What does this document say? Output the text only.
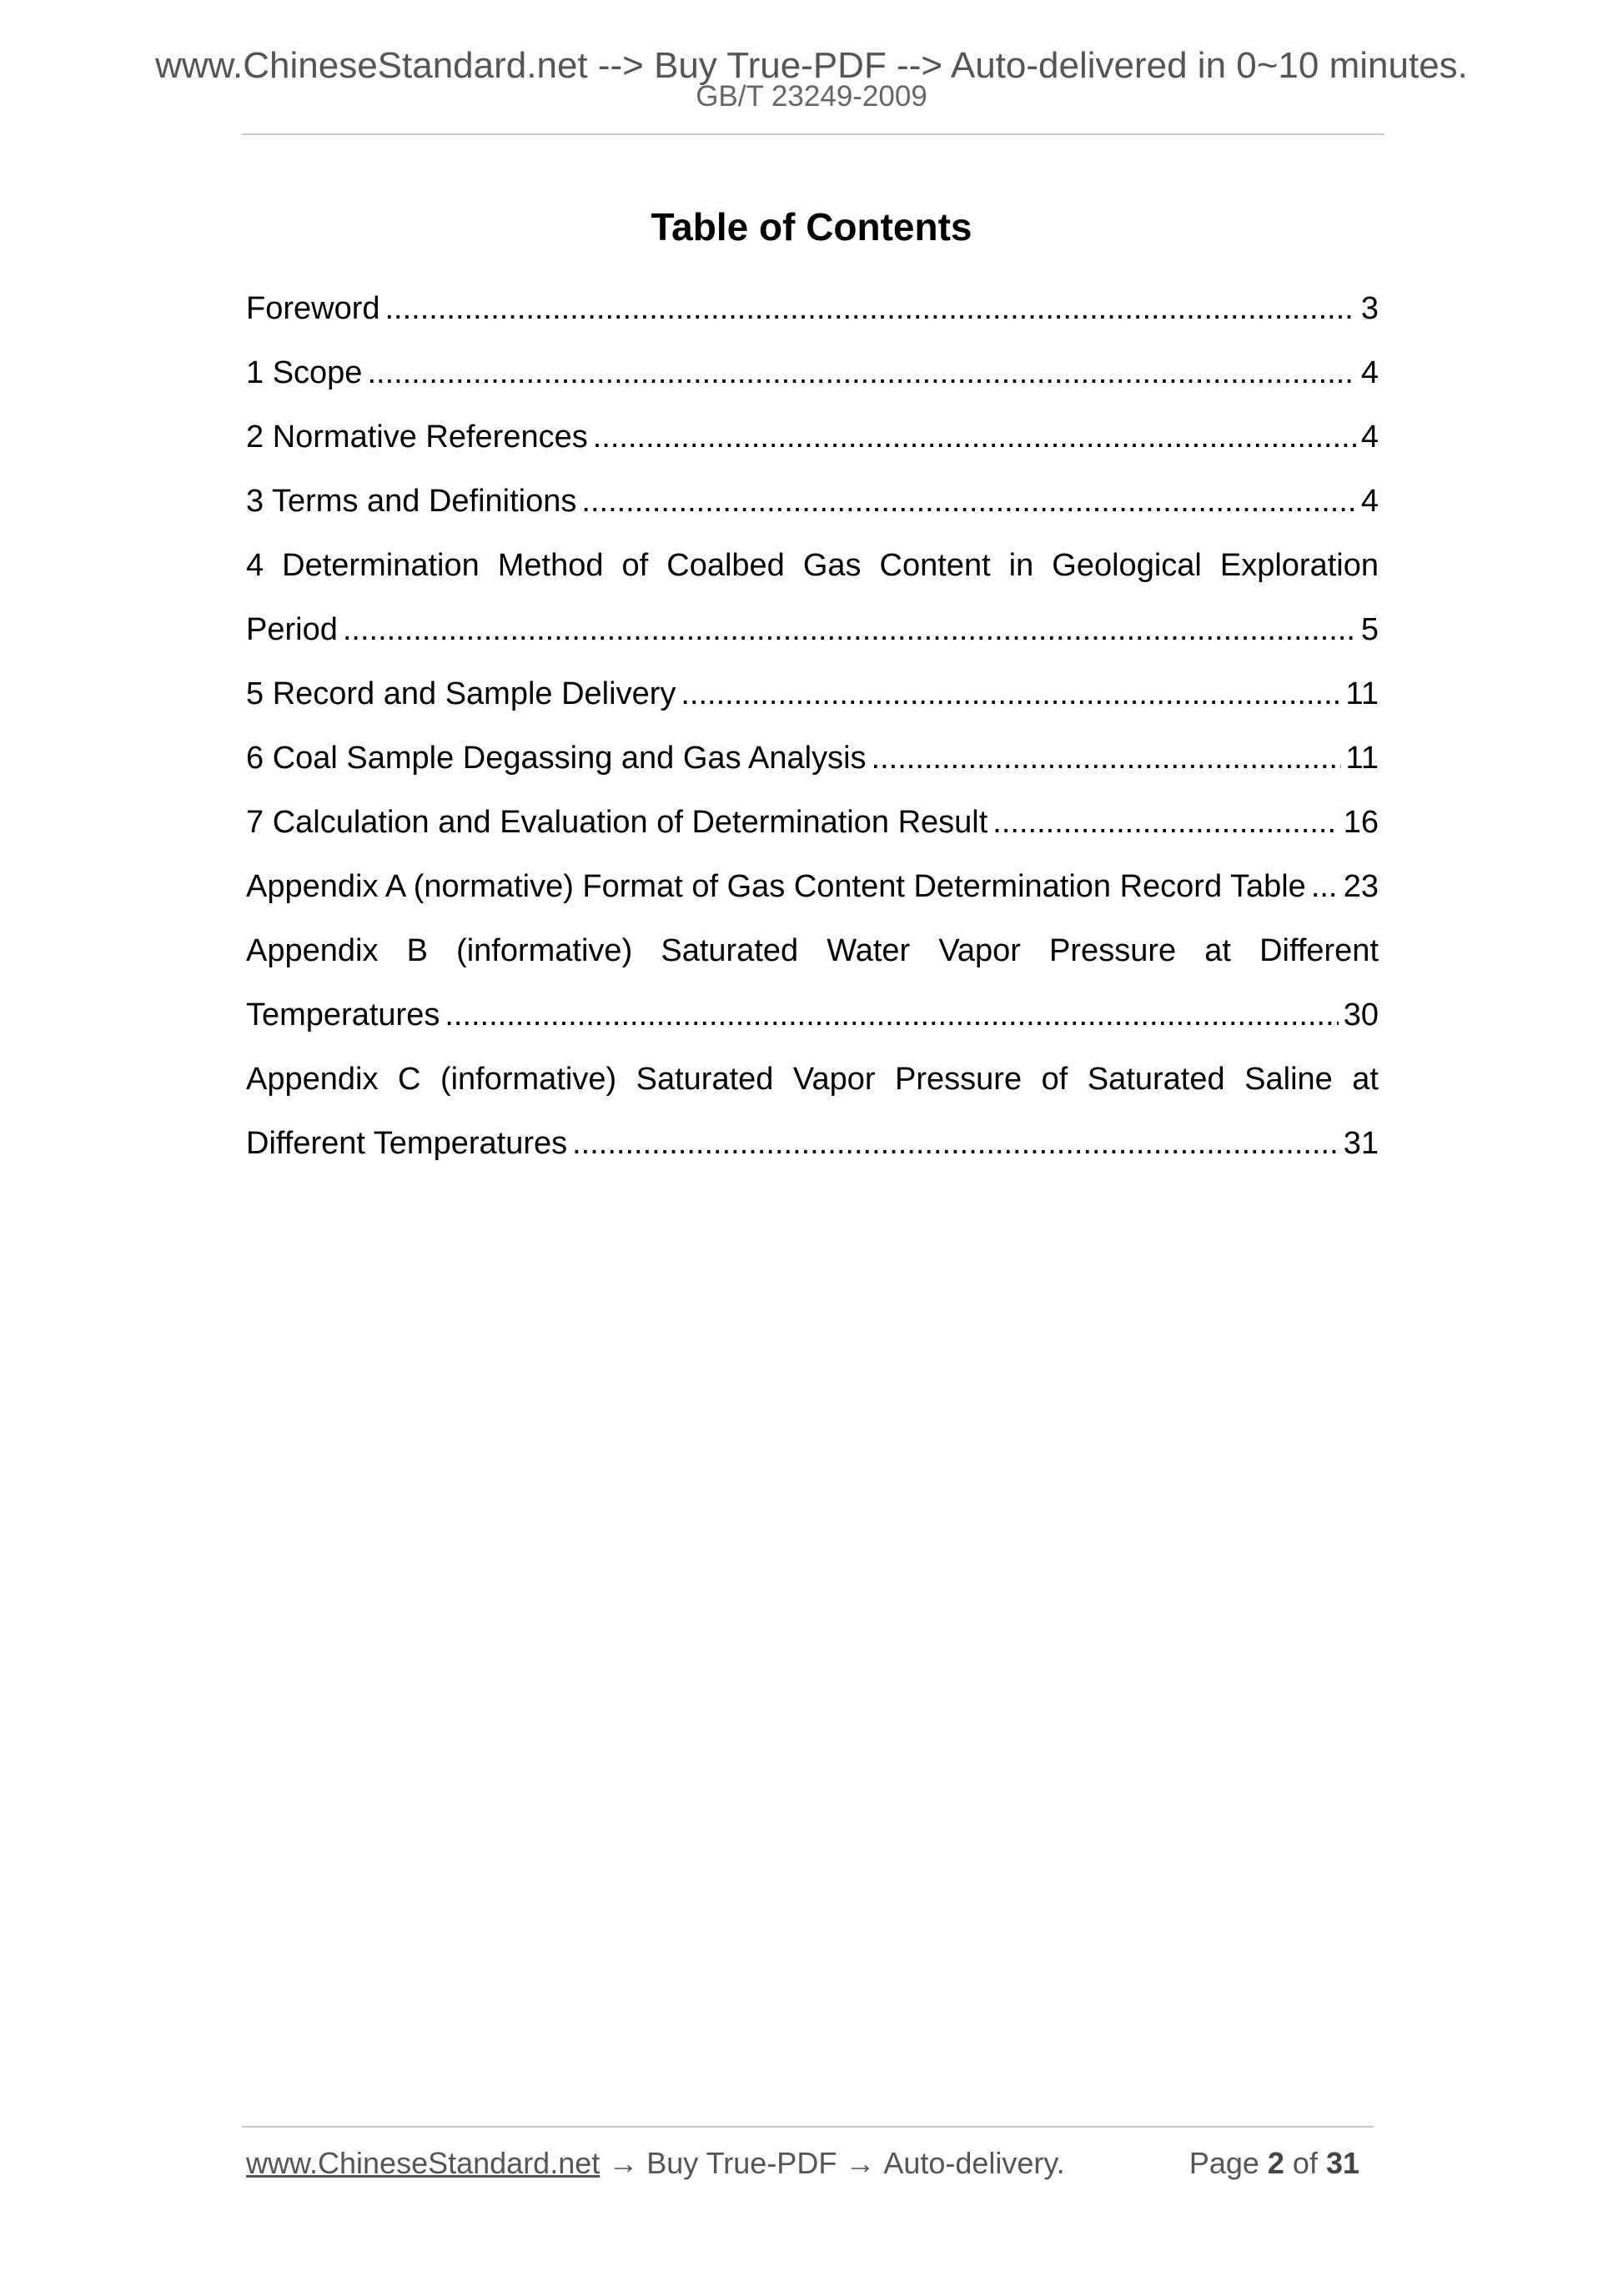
www.ChineseStandard.net --> Buy True-PDF --> Auto-delivered in 0~10 minutes.
GB/T 23249-2009
Table of Contents
Foreword .....	3
1 Scope .....	4
2 Normative References .....	4
3 Terms and Definitions .....	4
4 Determination Method of Coalbed Gas Content in Geological Exploration
Period .....	5
5 Record and Sample Delivery .....	11
6 Coal Sample Degassing and Gas Analysis .....	11
7 Calculation and Evaluation of Determination Result .....	16
Appendix A (normative) Format of Gas Content Determination Record Table ..... 23
Appendix B (informative) Saturated Water Vapor Pressure at Different
Temperatures .....	30
Appendix C (informative) Saturated Vapor Pressure of Saturated Saline at
Different Temperatures .....	31
www.ChineseStandard.net → Buy True-PDF → Auto-delivery.	Page 2 of 31
